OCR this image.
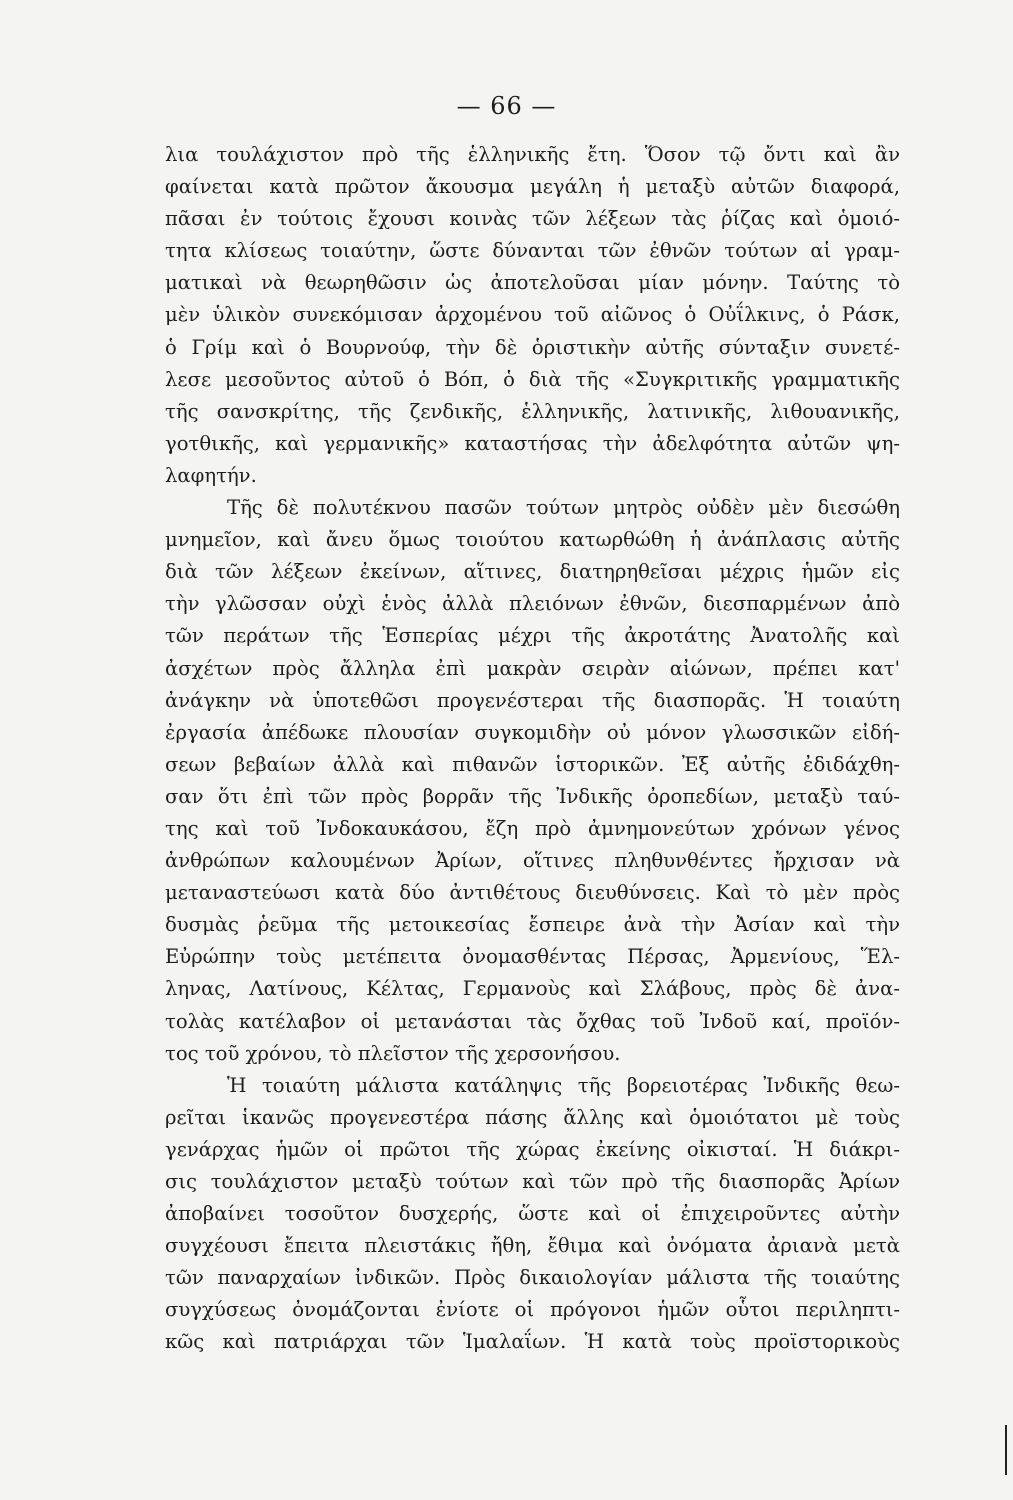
— 66 —
λια τουλάχιστον πρὸ τῆς ἑλληνικῆς ἔτη. Ὅσον τῷ ὄντι καὶ ἂν
φαίνεται κατὰ πρῶτον ἄκουσμα μεγάλη ἡ μεταξὺ αὐτῶν διαφορά,
πᾶσαι ἐν τούτοις ἔχουσι κοινὰς τῶν λέξεων τὰς ῥίζας καὶ ὁμοιό-
τητα κλίσεως τοιαύτην, ὥστε δύνανται τῶν ἐθνῶν τούτων αἱ γραμ-
ματικαὶ νὰ θεωρηθῶσιν ὡς ἀποτελοῦσαι μίαν μόνην. Ταύτης τὸ
μὲν ὑλικὸν συνεκόμισαν ἀρχομένου τοῦ αἰῶνος ὁ Οὐΐλκινς, ὁ Ράσκ,
ὁ Γρίμ καὶ ὁ Βουρνούφ, τὴν δὲ ὁριστικὴν αὐτῆς σύνταξιν συνετέ-
λεσε μεσοῦντος αὐτοῦ ὁ Βόπ, ὁ διὰ τῆς «Συγκριτικῆς γραμματικῆς
τῆς σανσκρίτης, τῆς ζενδικῆς, ἑλληνικῆς, λατινικῆς, λιθουανικῆς,
γοτθικῆς, καὶ γερμανικῆς» καταστήσας τὴν ἀδελφότητα αὐτῶν ψη-
λαφητήν.
Τῆς δὲ πολυτέκνου πασῶν τούτων μητρὸς οὐδὲν μὲν διεσώθη
μνημεῖον, καὶ ἄνευ ὅμως τοιούτου κατωρθώθη ἡ ἀνάπλασις αὐτῆς
διὰ τῶν λέξεων ἐκείνων, αἵτινες, διατηρηθεῖσαι μέχρις ἡμῶν εἰς
τὴν γλῶσσαν οὐχὶ ἑνὸς ἀλλὰ πλειόνων ἐθνῶν, διεσπαρμένων ἀπὸ
τῶν περάτων τῆς Ἑσπερίας μέχρι τῆς ἀκροτάτης Ἀνατολῆς καὶ
ἀσχέτων πρὸς ἄλληλα ἐπὶ μακρὰν σειρὰν αἰώνων, πρέπει κατ'
ἀνάγκην νὰ ὑποτεθῶσι προγενέστεραι τῆς διασπορᾶς. Ἡ τοιαύτη
ἐργασία ἀπέδωκε πλουσίαν συγκομιδὴν οὐ μόνον γλωσσικῶν εἰδή-
σεων βεβαίων ἀλλὰ καὶ πιθανῶν ἱστορικῶν. Ἐξ αὐτῆς ἐδιδάχθη-
σαν ὅτι ἐπὶ τῶν πρὸς βορρᾶν τῆς Ἰνδικῆς ὀροπεδίων, μεταξὺ ταύ-
της καὶ τοῦ Ἰνδοκαυκάσου, ἔζη πρὸ ἀμνημονεύτων χρόνων γένος
ἀνθρώπων καλουμένων Ἀρίων, οἵτινες πληθυνθέντες ἤρχισαν νὰ
μεταναστεύωσι κατὰ δύο ἀντιθέτους διευθύνσεις. Καὶ τὸ μὲν πρὸς
δυσμὰς ῥεῦμα τῆς μετοικεσίας ἔσπειρε ἀνὰ τὴν Ἀσίαν καὶ τὴν
Εὐρώπην τοὺς μετέπειτα ὀνομασθέντας Πέρσας, Ἀρμενίους, Ἕλ-
ληνας, Λατίνους, Κέλτας, Γερμανοὺς καὶ Σλάβους, πρὸς δὲ ἀνα-
τολὰς κατέλαβον οἱ μετανάσται τὰς ὄχθας τοῦ Ἰνδοῦ καί, προϊόν-
τος τοῦ χρόνου, τὸ πλεῖστον τῆς χερσονήσου.
Ἡ τοιαύτη μάλιστα κατάληψις τῆς βορειοτέρας Ἰνδικῆς θεω-
ρεῖται ἱκανῶς προγενεστέρα πάσης ἄλλης καὶ ὁμοιότατοι μὲ τοὺς
γενάρχας ἡμῶν οἱ πρῶτοι τῆς χώρας ἐκείνης οἰκισταί. Ἡ διάκρι-
σις τουλάχιστον μεταξὺ τούτων καὶ τῶν πρὸ τῆς διασπορᾶς Ἀρίων
ἀποβαίνει τοσοῦτον δυσχερής, ὥστε καὶ οἱ ἐπιχειροῦντες αὐτὴν
συγχέουσι ἔπειτα πλειστάκις ἤθη, ἔθιμα καὶ ὀνόματα ἀριανὰ μετὰ
τῶν παναρχαίων ἰνδικῶν. Πρὸς δικαιολογίαν μάλιστα τῆς τοιαύτης
συγχύσεως ὀνομάζονται ἐνίοτε οἱ πρόγονοι ἡμῶν οὗτοι περιληπτι-
κῶς καὶ πατριάρχαι τῶν Ἱμαλαΐων. Ἡ κατὰ τοὺς προϊστορικοὺς
